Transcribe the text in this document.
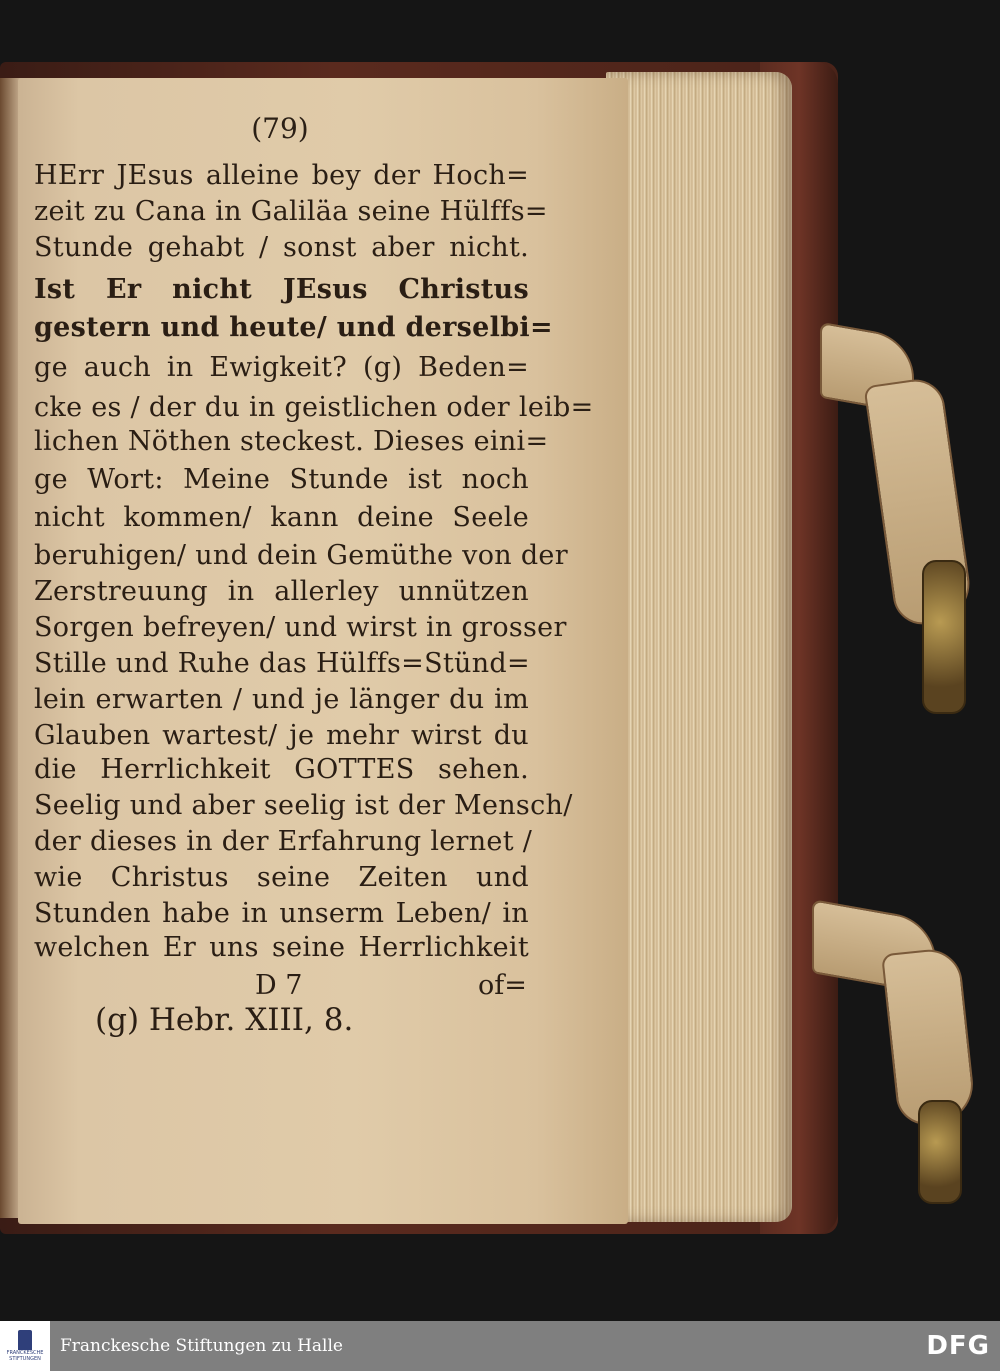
(79)
HErr JEsus alleine bey der Hoch=
zeit zu Cana in Galiläa seine Hülffs=
Stunde gehabt / sonst aber nicht.
Ist Er nicht JEsus Christus
gestern und heute/ und derselbi=
ge auch in Ewigkeit? (g) Beden=
cke es / der du in geistlichen oder leib=
lichen Nöthen steckest. Dieses eini=
ge Wort: Meine Stunde ist noch
nicht kommen/ kann deine Seele
beruhigen/ und dein Gemüthe von der
Zerstreuung in allerley unnützen
Sorgen befreyen/ und wirst in grosser
Stille und Ruhe das Hülffs=Stünd=
lein erwarten / und je länger du im
Glauben wartest/ je mehr wirst du
die Herrlichkeit GOTTES sehen.
Seelig und aber seelig ist der Mensch/
der dieses in der Erfahrung lernet /
wie Christus seine Zeiten und
Stunden habe in unserm Leben/ in
welchen Er uns seine Herrlichkeit
D 7	of=
(g) Hebr. XIII, 8.
FRANCKESCHE STIFTUNGEN
Franckesche Stiftungen zu Halle	DFG
